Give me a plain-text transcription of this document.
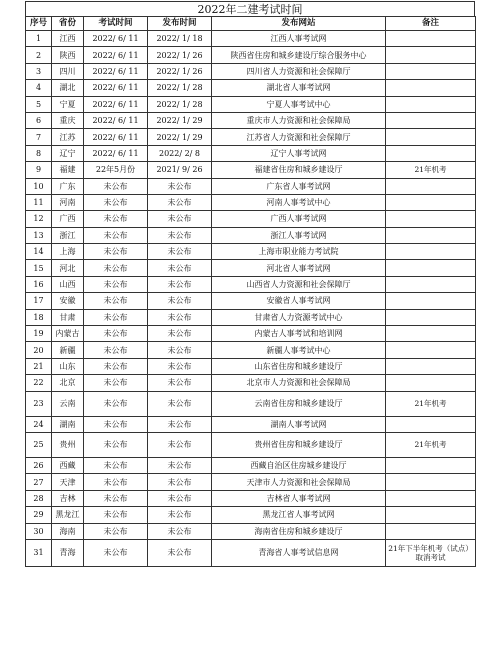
2022年二建考试时间
序号	省份	考试时间	发布时间	发布网站	备注
1	江西	2022/ 6/ 11	2022/ 1/ 18	江西人事考试网	
2	陕西	2022/ 6/ 11	2022/ 1/ 26	陕西省住房和城乡建设厅综合服务中心	
3	四川	2022/ 6/ 11	2022/ 1/ 26	四川省人力资源和社会保障厅	
4	湖北	2022/ 6/ 11	2022/ 1/ 28	湖北省人事考试网	
5	宁夏	2022/ 6/ 11	2022/ 1/ 28	宁夏人事考试中心	
6	重庆	2022/ 6/ 11	2022/ 1/ 29	重庆市人力资源和社会保障局	
7	江苏	2022/ 6/ 11	2022/ 1/ 29	江苏省人力资源和社会保障厅	
8	辽宁	2022/ 6/ 11	2022/ 2/ 8	辽宁人事考试网	
9	福建	22年5月份	2021/ 9/ 26	福建省住房和城乡建设厅	21年机考
10	广东	未公布	未公布	广东省人事考试网	
11	河南	未公布	未公布	河南人事考试中心	
12	广西	未公布	未公布	广西人事考试网	
13	浙江	未公布	未公布	浙江人事考试网	
14	上海	未公布	未公布	上海市职业能力考试院	
15	河北	未公布	未公布	河北省人事考试网	
16	山西	未公布	未公布	山西省人力资源和社会保障厅	
17	安徽	未公布	未公布	安徽省人事考试网	
18	甘肃	未公布	未公布	甘肃省人力资源考试中心	
19	内蒙古	未公布	未公布	内蒙古人事考试和培训网	
20	新疆	未公布	未公布	新疆人事考试中心	
21	山东	未公布	未公布	山东省住房和城乡建设厅	
22	北京	未公布	未公布	北京市人力资源和社会保障局	
23	云南	未公布	未公布	云南省住房和城乡建设厅	21年机考
24	湖南	未公布	未公布	湖南人事考试网	
25	贵州	未公布	未公布	贵州省住房和城乡建设厅	21年机考
26	西藏	未公布	未公布	西藏自治区住房城乡建设厅	
27	天津	未公布	未公布	天津市人力资源和社会保障局	
28	吉林	未公布	未公布	吉林省人事考试网	
29	黑龙江	未公布	未公布	黑龙江省人事考试网	
30	海南	未公布	未公布	海南省住房和城乡建设厅	
31	青海	未公布	未公布	青海省人事考试信息网	21年下半年机考（试点）取消考试
